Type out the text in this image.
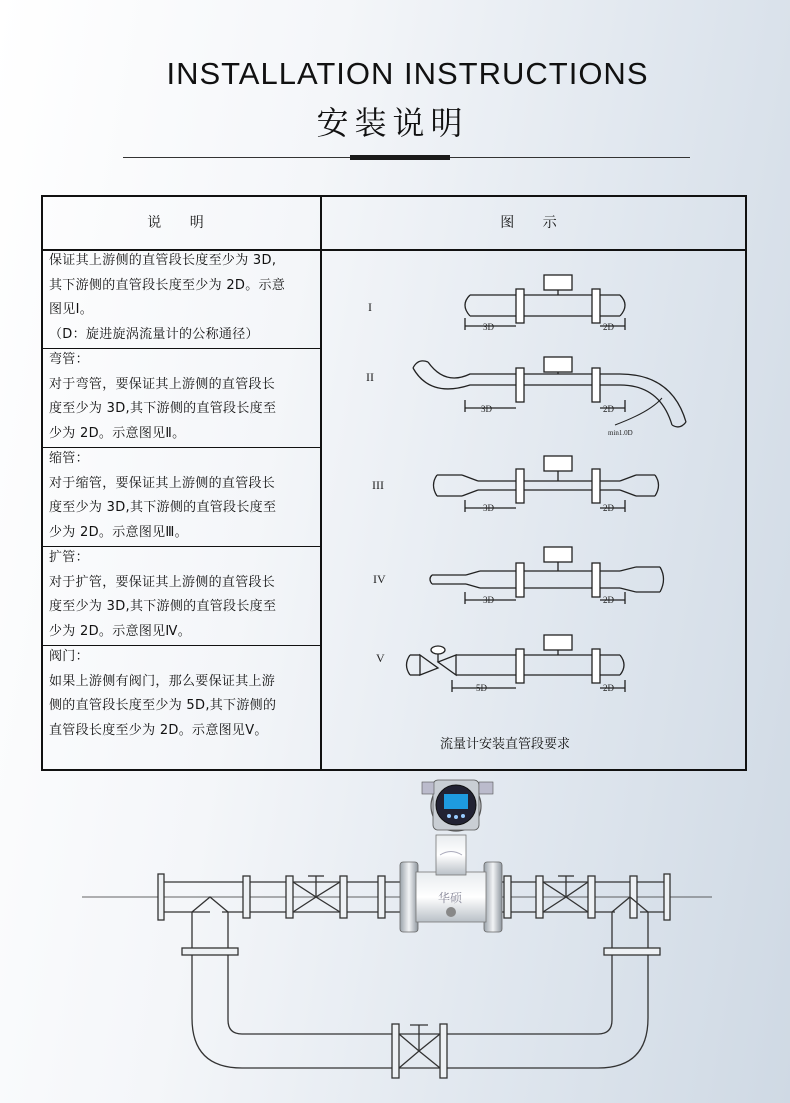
INSTALLATION INSTRUCTIONS
安装说明
说 明	图 示
保证其上游侧的直管段长度至少为 3D,
其下游侧的直管段长度至少为 2D。示意
图见Ⅰ。
（D：旋进旋涡流量计的公称通径）
弯管：
对于弯管，要保证其上游侧的直管段长
度至少为 3D,其下游侧的直管段长度至
少为 2D。示意图见Ⅱ。
缩管：
对于缩管，要保证其上游侧的直管段长
度至少为 3D,其下游侧的直管段长度至
少为 2D。示意图见Ⅲ。
扩管：
对于扩管，要保证其上游侧的直管段长
度至少为 3D,其下游侧的直管段长度至
少为 2D。示意图见Ⅳ。
阀门：
如果上游侧有阀门，那么要保证其上游
侧的直管段长度至少为 5D,其下游侧的
直管段长度至少为 2D。示意图见Ⅴ。
流量计安装直管段要求
I
II
III
IV
V
3D	2D
3D	2D
min1.0D
3D	2D
3D	2D
5D	2D
华硕
